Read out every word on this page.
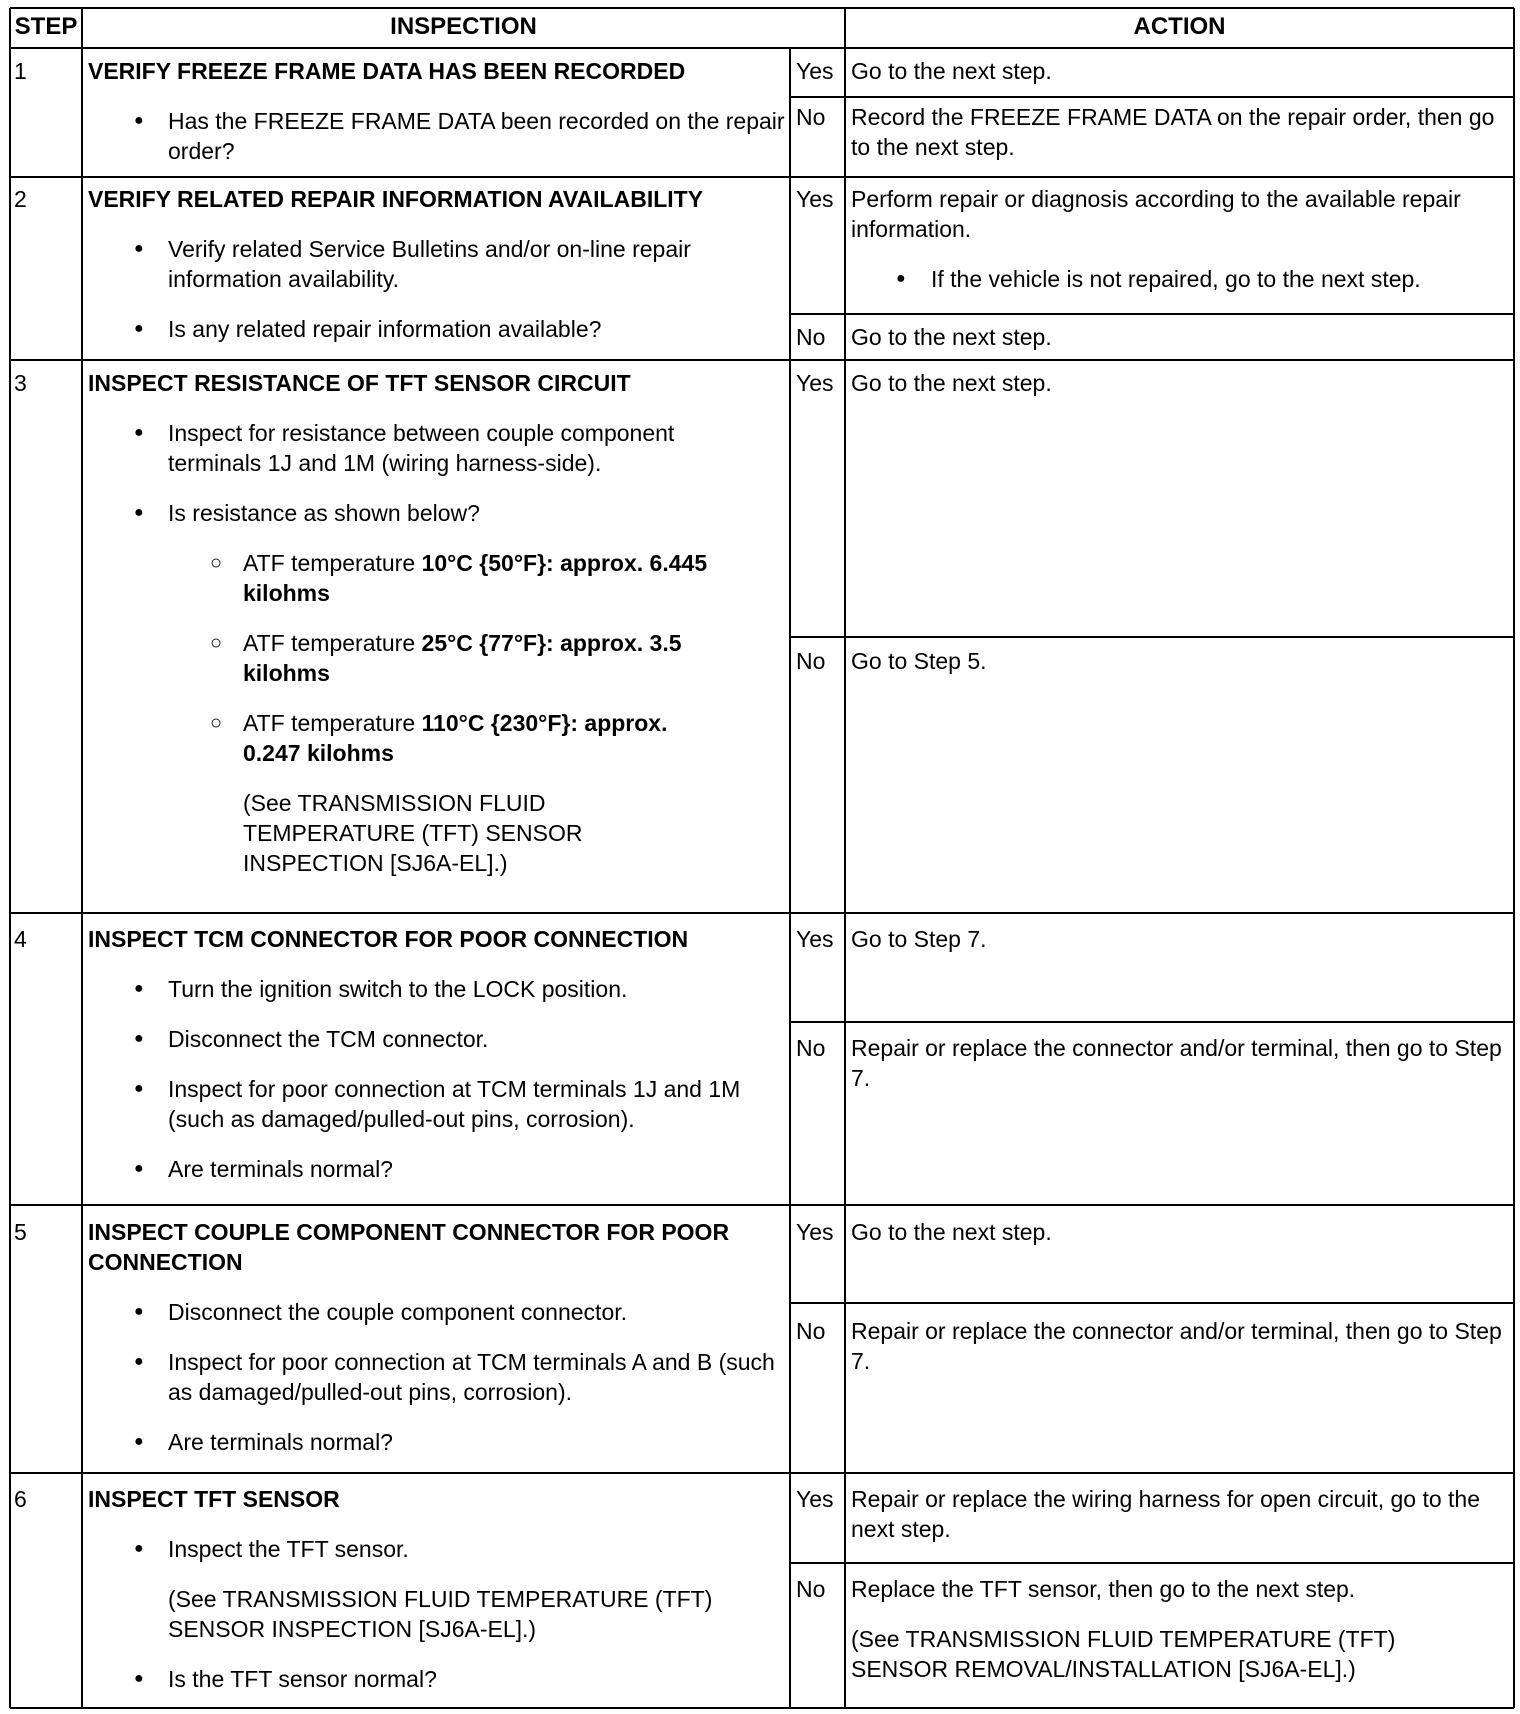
STEP	INSPECTION	ACTION
1	VERIFY FREEZE FRAME DATA HAS BEEN RECORDED
● Has the FREEZE FRAME DATA been recorded on the repair order?
Yes Go to the next step.
No	Record the FREEZE FRAME DATA on the repair order, then go to the next step.
2	VERIFY RELATED REPAIR INFORMATION AVAILABILITY
● Verify related Service Bulletins and/or on-line repair information availability.
● Is any related repair information available?
Yes Perform repair or diagnosis according to the available repair information.
● If the vehicle is not repaired, go to the next step.
No	Go to the next step.
3	INSPECT RESISTANCE OF TFT SENSOR CIRCUIT
● Inspect for resistance between couple component terminals 1J and 1M (wiring harness-side).
● Is resistance as shown below?
○ ATF temperature 10°C {50°F}: approx. 6.445 kilohms
○ ATF temperature 25°C {77°F}: approx. 3.5 kilohms
○ ATF temperature 110°C {230°F}: approx. 0.247 kilohms
(See TRANSMISSION FLUID TEMPERATURE (TFT) SENSOR INSPECTION [SJ6A-EL].)
Yes Go to the next step.
No	Go to Step 5.
4	INSPECT TCM CONNECTOR FOR POOR CONNECTION
● Turn the ignition switch to the LOCK position.
● Disconnect the TCM connector.
● Inspect for poor connection at TCM terminals 1J and 1M (such as damaged/pulled-out pins, corrosion).
● Are terminals normal?
Yes Go to Step 7.
No	Repair or replace the connector and/or terminal, then go to Step 7.
5	INSPECT COUPLE COMPONENT CONNECTOR FOR POOR CONNECTION
● Disconnect the couple component connector.
● Inspect for poor connection at TCM terminals A and B (such as damaged/pulled-out pins, corrosion).
● Are terminals normal?
Yes Go to the next step.
No	Repair or replace the connector and/or terminal, then go to Step 7.
6	INSPECT TFT SENSOR
● Inspect the TFT sensor.
(See TRANSMISSION FLUID TEMPERATURE (TFT) SENSOR INSPECTION [SJ6A-EL].)
● Is the TFT sensor normal?
Yes Repair or replace the wiring harness for open circuit, go to the next step.
No	Replace the TFT sensor, then go to the next step.
(See TRANSMISSION FLUID TEMPERATURE (TFT) SENSOR REMOVAL/INSTALLATION [SJ6A-EL].)
